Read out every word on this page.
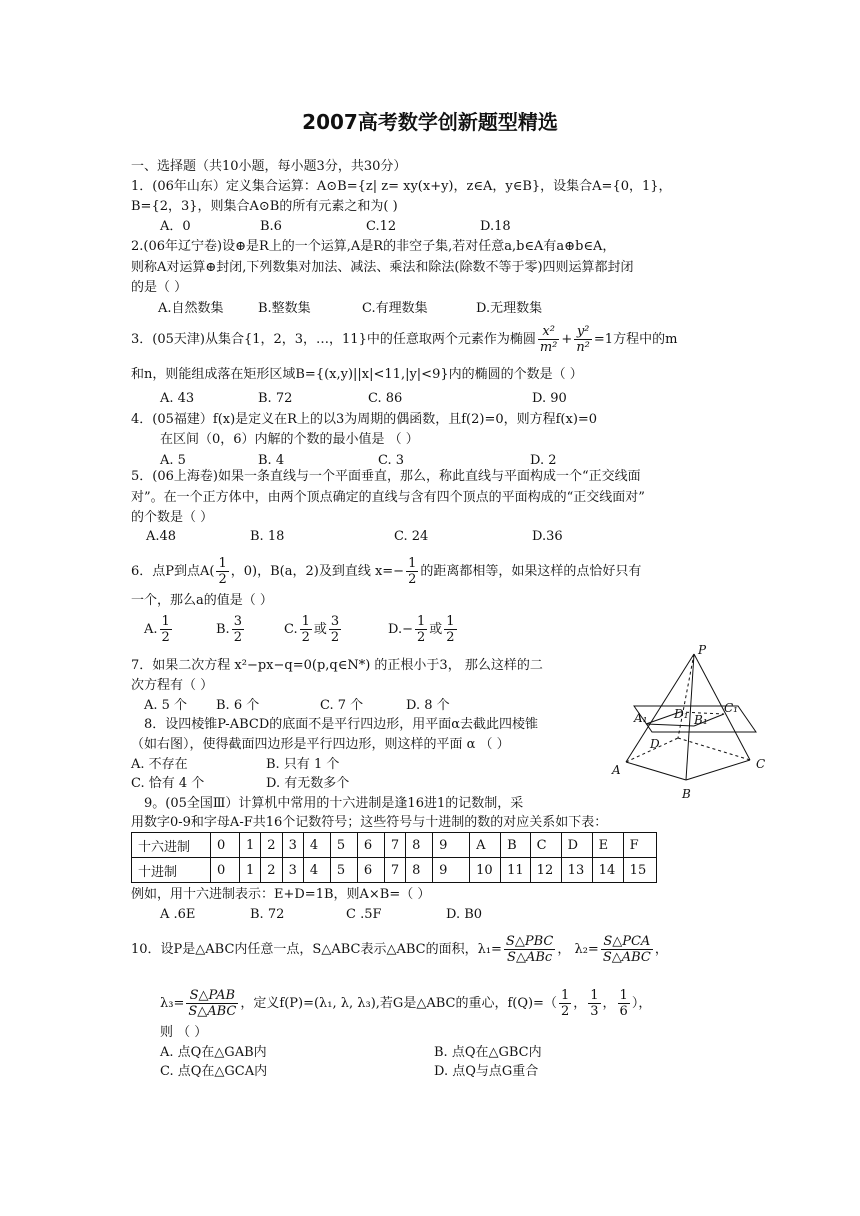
2007高考数学创新题型精选
一、选择题（共10小题，每小题3分，共30分）
1．(06年山东）定义集合运算：A⊙B={z| z= xy(x+y)，z∈A，y∈B}，设集合A={0，1}，
B={2，3}，则集合A⊙B的所有元素之和为( )
A．0	B.6	C.12	D.18
2.(06年辽宁卷)设⊕是R上的一个运算,A是R的非空子集,若对任意a,b∈A有a⊕b∈A，
则称A对运算⊕封闭,下列数集对加法、减法、乘法和除法(除数不等于零)四则运算都封闭
的是（ ）
A.自然数集	B.整数集	C.有理数集	D.无理数集
3．(05天津)从集合{1，2，3，…，11}中的任意取两个元素作为椭圆 $\frac{\text{x²}}{\text{m²}} + \frac{\text{y²}}{\text{n²}} =1$方程中的m
和n，则能组成落在矩形区域B={(x,y)||x|<11,|y|<9}内的椭圆的个数是（ ）
A. 43	B. 72	C. 86	D. 90
4．(05福建）f(x)是定义在R上的以3为周期的偶函数，且f(2)=0，则方程f(x)=0
在区间（0，6）内解的个数的最小值是 （ ）
A. 5	B. 4	C. 3	D. 2
5．(06上海卷)如果一条直线与一个平面垂直，那么，称此直线与平面构成一个“正交线面
对”。在一个正方体中，由两个顶点确定的直线与含有四个顶点的平面构成的“正交线面对”
的个数是（ ）
A.48	B. 18	C. 24	D.36
6．点P到点$A( \frac{1}{2}$ ，0)，B(a，2)及到直线 $x=- \frac{1}{2}$ 的距离都相等，如果这样的点恰好只有
一个，那么a的值是（ ）
A. $\frac{1}{2}$	B. $\frac{3}{2}$	C. $\frac{1}{2}$ 或 $\frac{3}{2}$	$D.- \frac{1}{2}$ 或 $\frac{1}{2}$
7．如果二次方程 x²−px−q=0(p,q∈N*) 的正根小于3， 那么这样的二
次方程有（ ）
A. 5 个 B. 6 个	C. 7 个	D. 8 个
8．设四棱锥P-ABCD的底面不是平行四边形，用平面α去截此四棱锥
（如右图），使得截面四边形是平行四边形，则这样的平面 α （ ）
A. 不存在	B. 只有 1 个
C. 恰有 4 个	D. 有无数多个
P
A₁ D₁ B₁
C₁
D
A
B
C
9。(05全国Ⅲ）计算机中常用的十六进制是逢16进1的记数制，采
用数字0-9和字母A-F共16个记数符号；这些符号与十进制的数的对应关系如下表：
十六进制	0	1	2	3	4	5	6	7	8	9	A	B	C	D	E	F
十进制	0	1	2	3	4	5	6	7	8	9	10	11	12	13	14	15
例如，用十六进制表示：E+D=1B，则A×B=（ ）
A .6E	B. 72	C .5F	D. B0
10．设P是△ABC内任意一点，S△ABC表示△ABC的面积，$\lambda_1= \frac{\text{S△PBC}}{\text{S△ABc}}$ ， $\lambda_2= \frac{\text{S△PCA}}{\text{S△ABC}}$ ，
$\lambda_3= \frac{\text{S△PAB}}{\text{S△ABC}}$ ，定义f(P)=(λ₁, λ, λ₃),若G是△ABC的重心，$f(Q)=( \frac{1}{2}$ ， $\frac{1}{3}$ ， $\frac{1}{6}$ ），
则 （ ）
A. 点Q在△GAB内	B. 点Q在△GBC内
C. 点Q在△GCA内	D. 点Q与点G重合
